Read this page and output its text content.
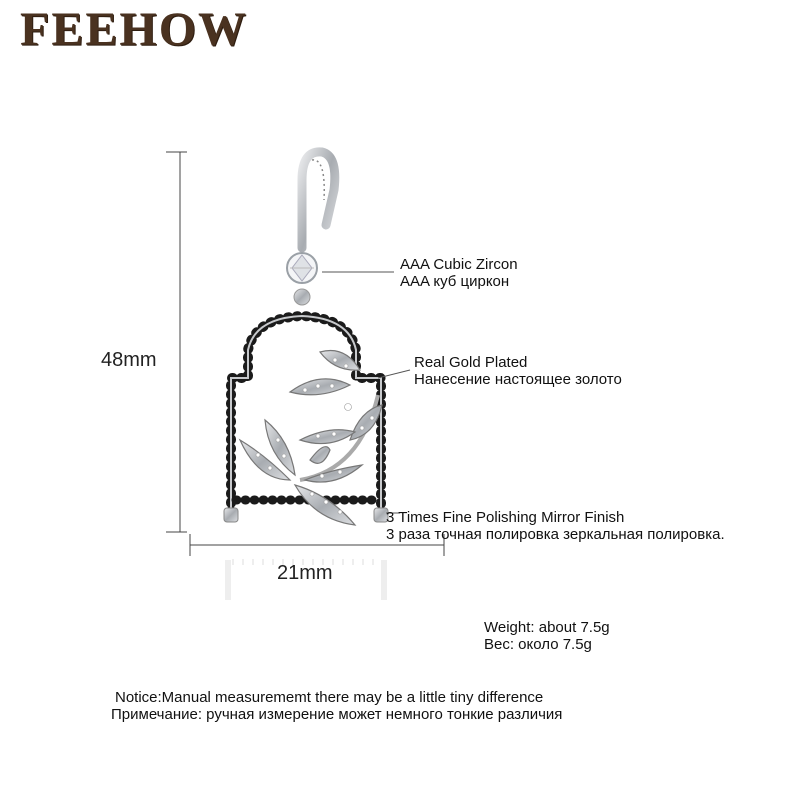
FEEHOW
48mm
21mm
AAA Cubic Zircon
AAA куб циркон
Real Gold Plated
Нанесение настоящее золото
3 Times Fine Polishing Mirror Finish
3 раза точная полировка зеркальная полировка.
Weight: about 7.5g
Вес: около 7.5g
Notice:Manual measurememt there may be a little tiny difference
Примечание: ручная измерение может немного тонкие различия
